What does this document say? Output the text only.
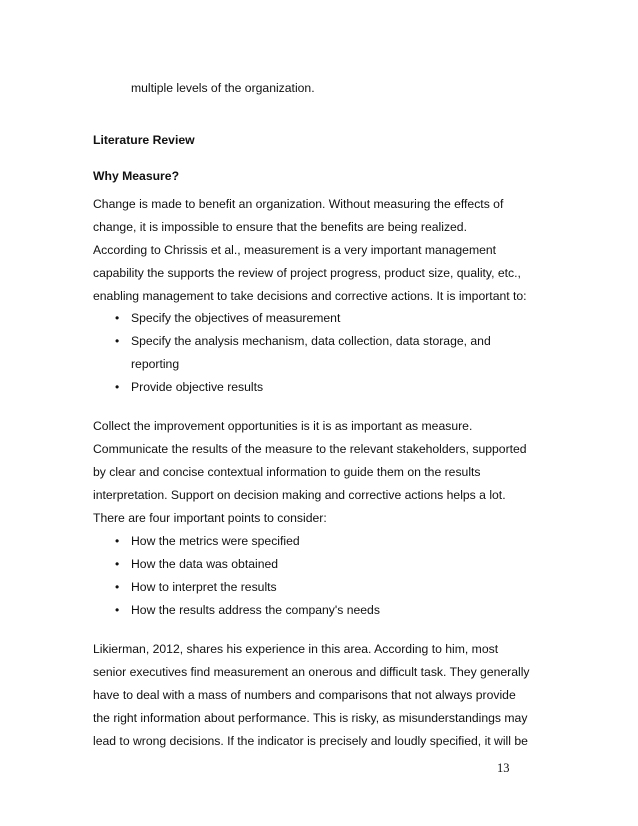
multiple levels of the organization.
Literature Review
Why Measure?
Change is made to benefit an organization. Without measuring the effects of
change, it is impossible to ensure that the benefits are being realized.
According to Chrissis et al., measurement is a very important management
capability the supports the review of project progress, product size, quality, etc.,
enabling management to take decisions and corrective actions. It is important to:
• Specify the objectives of measurement
• Specify the analysis mechanism, data collection, data storage, and
reporting
• Provide objective results
Collect the improvement opportunities is it is as important as measure.
Communicate the results of the measure to the relevant stakeholders, supported
by clear and concise contextual information to guide them on the results
interpretation. Support on decision making and corrective actions helps a lot.
There are four important points to consider:
• How the metrics were specified
• How the data was obtained
• How to interpret the results
• How the results address the company's needs
Likierman, 2012, shares his experience in this area. According to him, most
senior executives find measurement an onerous and difficult task. They generally
have to deal with a mass of numbers and comparisons that not always provide
the right information about performance. This is risky, as misunderstandings may
lead to wrong decisions. If the indicator is precisely and loudly specified, it will be
13
